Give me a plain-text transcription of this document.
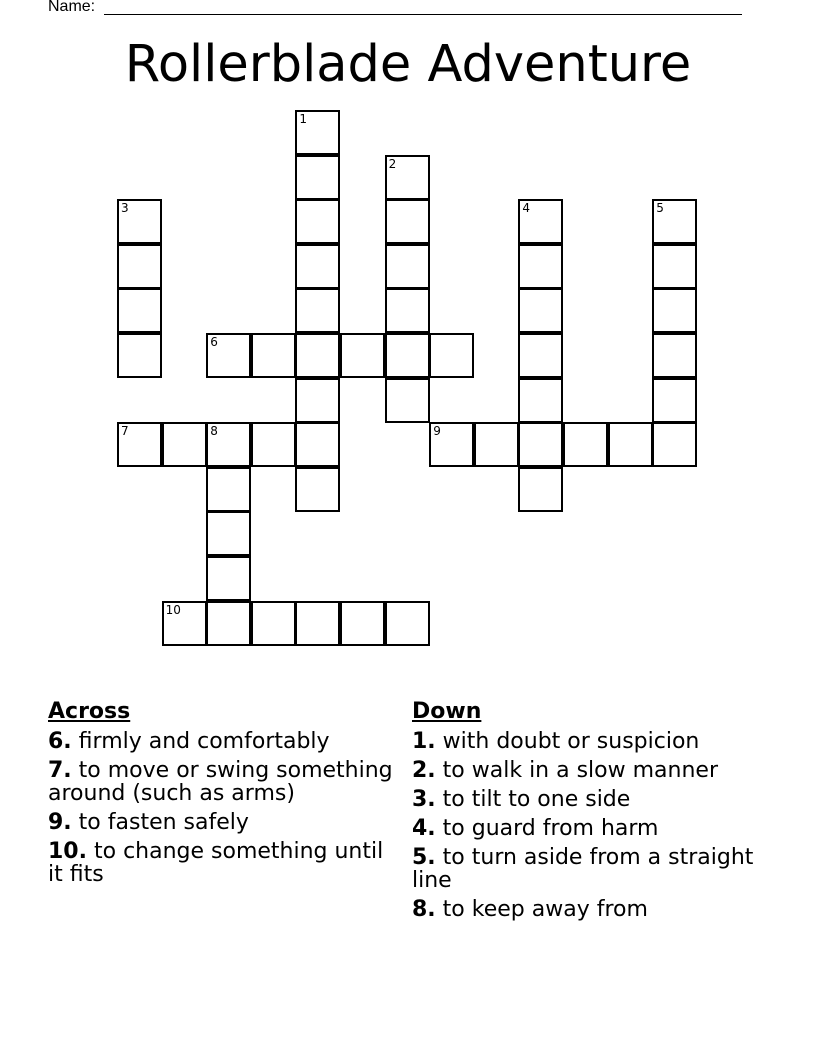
Name:
Rollerblade Adventure
1
2
3	4	5
6
7	8	9
10
Across
6. firmly and comfortably
7. to move or swing something around (such as arms)
9. to fasten safely
10. to change something until it fits
Down
1. with doubt or suspicion
2. to walk in a slow manner
3. to tilt to one side
4. to guard from harm
5. to turn aside from a straight line
8. to keep away from
